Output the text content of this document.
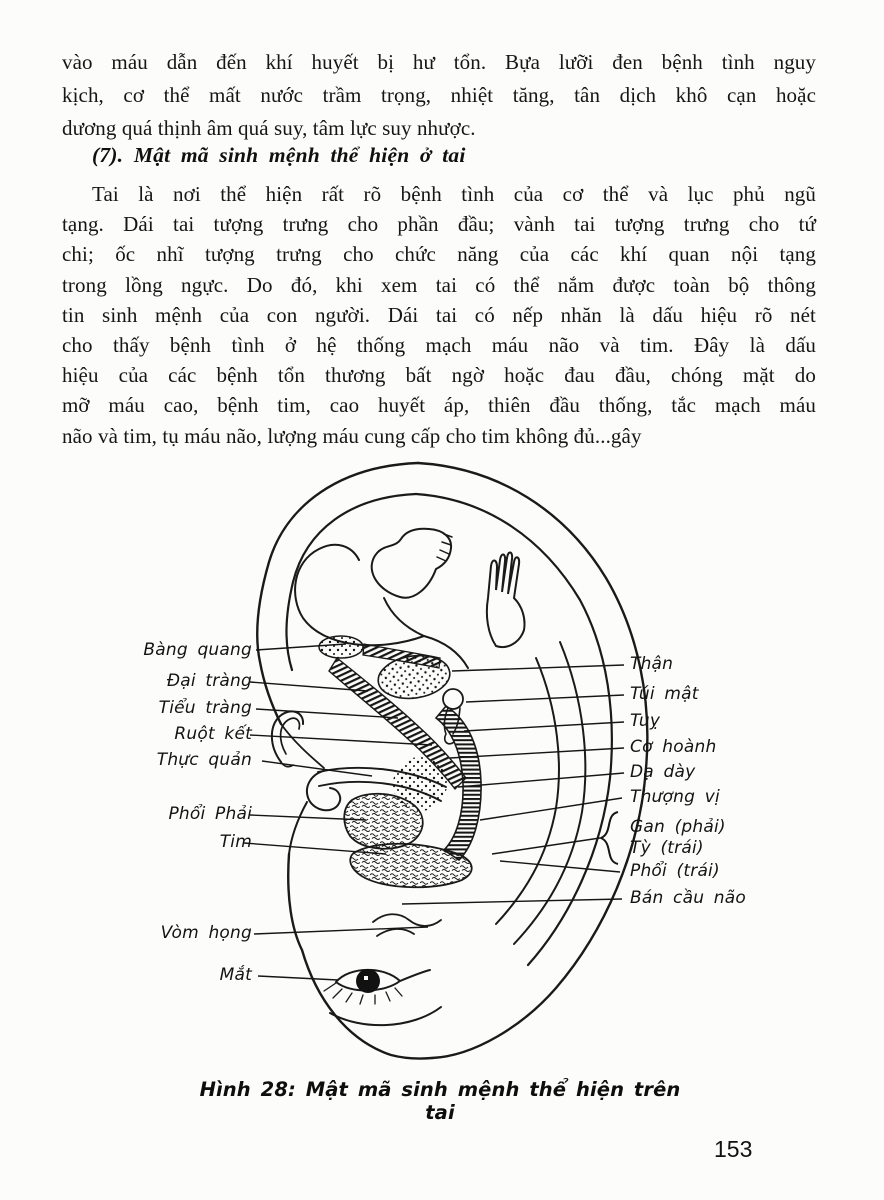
vào máu dẫn đến khí huyết bị hư tổn. Bựa lưỡi đen bệnh tình nguy
kịch, cơ thể mất nước trầm trọng, nhiệt tăng, tân dịch khô cạn hoặc
dương quá thịnh âm quá suy, tâm lực suy nhược.
(7). Mật mã sinh mệnh thể hiện ở tai
Tai là nơi thể hiện rất rõ bệnh tình của cơ thể và lục phủ ngũ
tạng. Dái tai tượng trưng cho phần đầu; vành tai tượng trưng cho tứ
chi; ốc nhĩ tượng trưng cho chức năng của các khí quan nội tạng
trong lồng ngực. Do đó, khi xem tai có thể nắm được toàn bộ thông
tin sinh mệnh của con người. Dái tai có nếp nhăn là dấu hiệu rõ nét
cho thấy bệnh tình ở hệ thống mạch máu não và tim. Đây là dấu
hiệu của các bệnh tổn thương bất ngờ hoặc đau đầu, chóng mặt do
mỡ máu cao, bệnh tim, cao huyết áp, thiên đầu thống, tắc mạch máu
não và tim, tụ máu não, lượng máu cung cấp cho tim không đủ...gây
Bàng quang
Đại tràng
Tiểu tràng
Ruột kết
Thực quản
Phổi Phải
Tim
Vòm họng
Mắt
Thận
Túi mật
Tuỵ
Cơ hoành
Dạ dày
Thượng vị
Gan (phải)
Tỳ (trái)
Phổi (trái)
Bán cầu não
Hình 28: Mật mã sinh mệnh thể hiện trên tai
153
